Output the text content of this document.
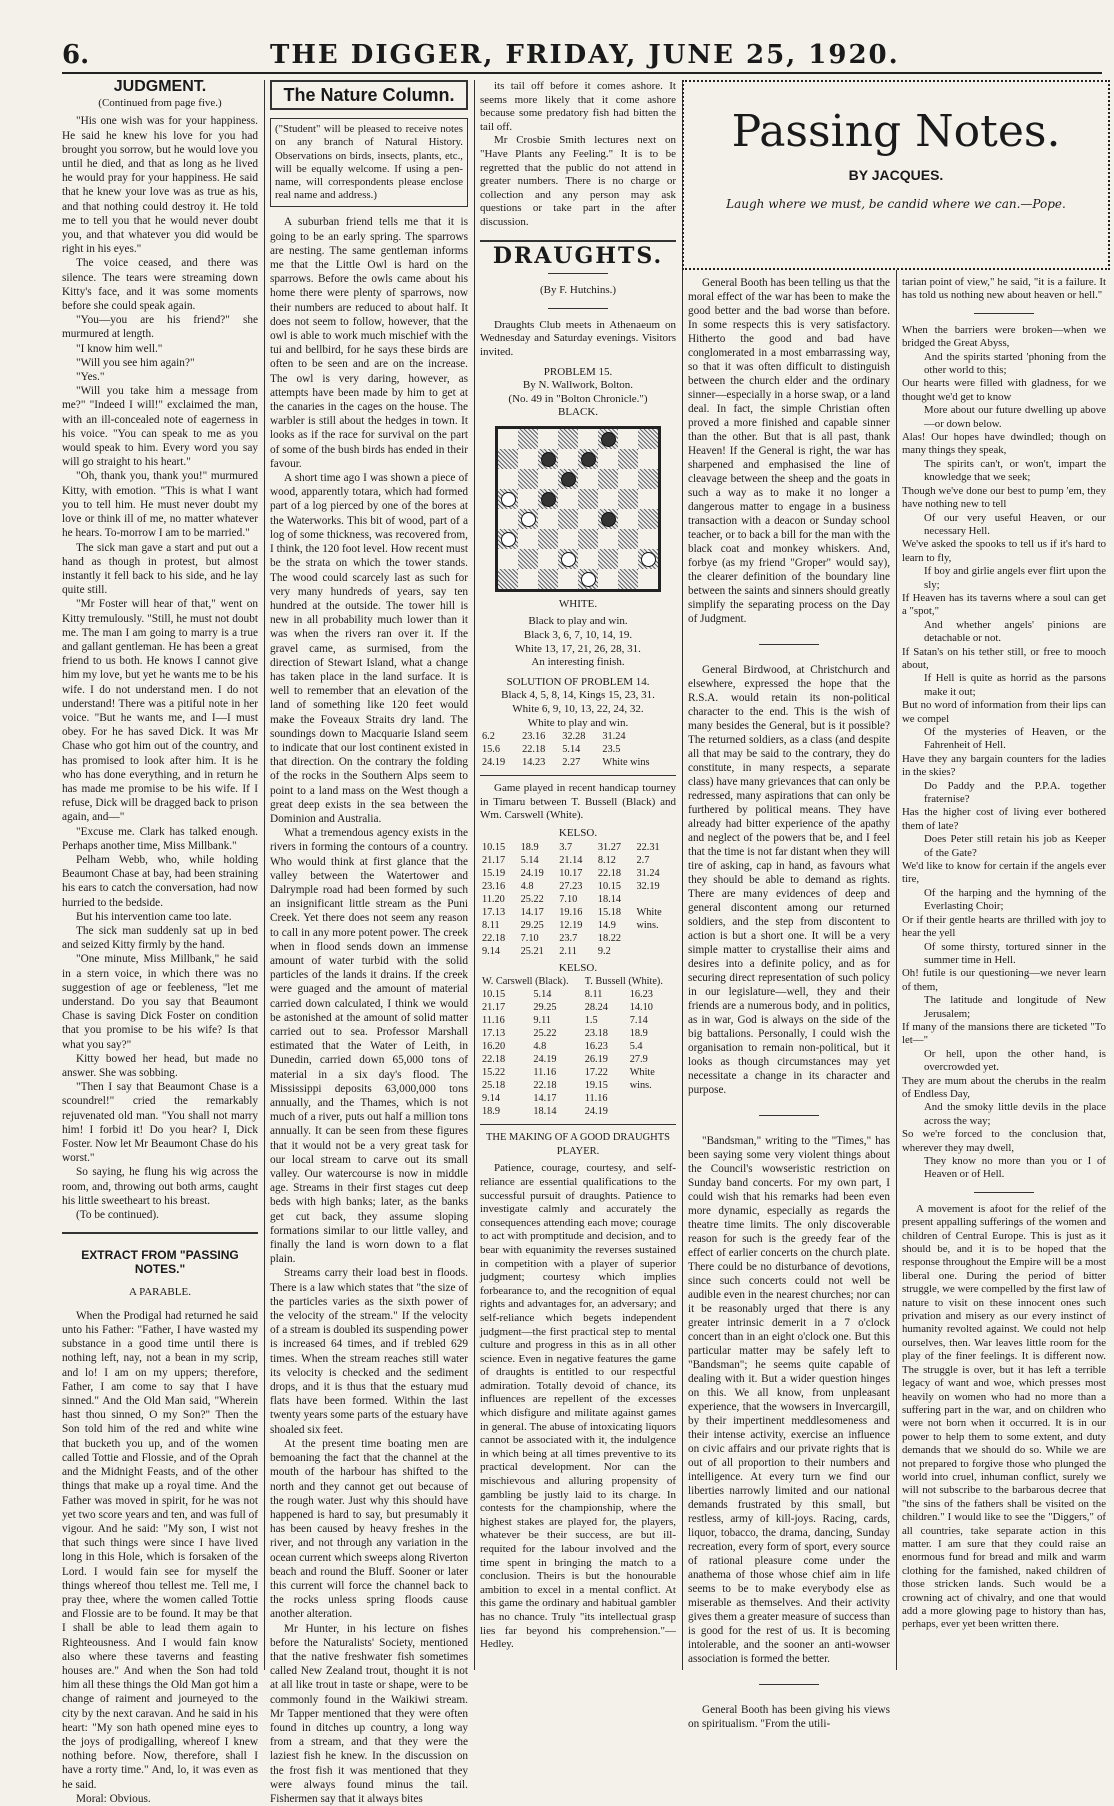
6.	THE DIGGER, FRIDAY, JUNE 25, 1920.
JUDGMENT.
(Continued from page five.)

"His one wish was for your happiness. He said he knew his love for you had brought you sorrow, but he would love you until he died, and that as long as he lived he would pray for your happiness. He said that he knew your love was as true as his, and that nothing could destroy it. He told me to tell you that he would never doubt you, and that whatever you did would be right in his eyes."

The voice ceased, and there was silence. The tears were streaming down Kitty's face, and it was some moments before she could speak again.

"You—you are his friend?" she murmured at length.

"I know him well."

"Will you see him again?"

"Yes."

"Will you take him a message from me?" "Indeed I will!" exclaimed the man, with an ill-concealed note of eagerness in his voice. "You can speak to me as you would speak to him. Every word you say will go straight to his heart."

"Oh, thank you, thank you!" murmured Kitty, with emotion. "This is what I want you to tell him. He must never doubt my love or think ill of me, no matter whatever he hears. To-morrow I am to be married."

The sick man gave a start and put out a hand as though in protest, but almost instantly it fell back to his side, and he lay quite still.

"Mr Foster will hear of that," went on Kitty tremulously. "Still, he must not doubt me. The man I am going to marry is a true and gallant gentleman. He has been a great friend to us both. He knows I cannot give him my love, but yet he wants me to be his wife. I do not understand men. I do not understand! There was a pitiful note in her voice. "But he wants me, and I—I must obey. For he has saved Dick. It was Mr Chase who got him out of the country, and has promised to look after him. It is he who has done everything, and in return he has made me promise to be his wife. If I refuse, Dick will be dragged back to prison again, and—"

"Excuse me. Clark has talked enough. Perhaps another time, Miss Millbank."

Pelham Webb, who, while holding Beaumont Chase at bay, had been straining his ears to catch the conversation, had now hurried to the bedside.

But his intervention came too late.

The sick man suddenly sat up in bed and seized Kitty firmly by the hand.

"One minute, Miss Millbank," he said in a stern voice, in which there was no suggestion of age or feebleness, "let me understand. Do you say that Beaumont Chase is saving Dick Foster on condition that you promise to be his wife? Is that what you say?"

Kitty bowed her head, but made no answer. She was sobbing.

"Then I say that Beaumont Chase is a scoundrel!" cried the remarkably rejuvenated old man. "You shall not marry him! I forbid it! Do you hear? I, Dick Foster. Now let Mr Beaumont Chase do his worst."

So saying, he flung his wig across the room, and, throwing out both arms, caught his little sweetheart to his breast.

(To be continued).

EXTRACT FROM "PASSING NOTES."
A PARABLE.

When the Prodigal had returned he said unto his Father: "Father, I have wasted my substance in a good time until there is nothing left, nay, not a bean in my scrip, and lo! I am on my uppers; therefore, Father, I am come to say that I have sinned." And the Old Man said, "Wherein hast thou sinned, O my Son?" Then the Son told him of the red and white wine that bucketh you up, and of the women called Tottie and Flossie, and of the Oprah and the Midnight Feasts, and of the other things that make up a royal time. And the Father was moved in spirit, for he was not yet two score years and ten, and was full of vigour. And he said: "My son, I wist not that such things were since I have lived long in this Hole, which is forsaken of the Lord. I would fain see for myself the things whereof thou tellest me. Tell me, I pray thee, where the women called Tottie and Flossie are to be found. It may be that I shall be able to lead them again to Righteousness. And I would fain know also where these taverns and feasting houses are." And when the Son had told him all these things the Old Man got him a change of raiment and journeyed to the city by the next caravan. And he said in his heart: "My son hath opened mine eyes to the joys of prodigalling, whereof I knew nothing before. Now, therefore, shall I have a rorty time." And, lo, it was even as he said.

Moral: Obvious.

The Nature Column.
("Student" will be pleased to receive notes on any branch of Natural History. Observations on birds, insects, plants, etc., will be equally welcome. If using a pen-name, will correspondents please enclose real name and address.)

A suburban friend tells me that it is going to be an early spring. The sparrows are nesting. The same gentleman informs me that the Little Owl is hard on the sparrows. Before the owls came about his home there were plenty of sparrows, now their numbers are reduced to about half. It does not seem to follow, however, that the owl is able to work much mischief with the tui and bellbird, for he says these birds are often to be seen and are on the increase. The owl is very daring, however, as attempts have been made by him to get at the canaries in the cages on the house. The warbler is still about the hedges in town. It looks as if the race for survival on the part of some of the bush birds has ended in their favour.

A short time ago I was shown a piece of wood, apparently totara, which had formed part of a log pierced by one of the bores at the Waterworks. This bit of wood, part of a log of some thickness, was recovered from, I think, the 120 foot level. How recent must be the strata on which the tower stands. The wood could scarcely last as such for very many hundreds of years, say ten hundred at the outside. The tower hill is new in all probability much lower than it was when the rivers ran over it. If the gravel came, as surmised, from the direction of Stewart Island, what a change has taken place in the land surface. It is well to remember that an elevation of the land of something like 120 feet would make the Foveaux Straits dry land. The soundings down to Macquarie Island seem to indicate that our lost continent existed in that direction. On the contrary the folding of the rocks in the Southern Alps seem to point to a land mass on the West though a great deep exists in the sea between the Dominion and Australia.

What a tremendous agency exists in the rivers in forming the contours of a country. Who would think at first glance that the valley between the Watertower and Dalrymple road had been formed by such an insignificant little stream as the Puni Creek. Yet there does not seem any reason to call in any more potent power. The creek when in flood sends down an immense amount of water turbid with the solid particles of the lands it drains. If the creek were guaged and the amount of material carried down calculated, I think we would be astonished at the amount of solid matter carried out to sea. Professor Marshall estimated that the Water of Leith, in Dunedin, carried down 65,000 tons of material in a six day's flood. The Mississippi deposits 63,000,000 tons annually, and the Thames, which is not much of a river, puts out half a million tons annually. It can be seen from these figures that it would not be a very great task for our local stream to carve out its small valley. Our watercourse is now in middle age. Streams in their first stages cut deep beds with high banks; later, as the banks get cut back, they assume sloping formations similar to our little valley, and finally the land is worn down to a flat plain.

Streams carry their load best in floods. There is a law which states that "the size of the particles varies as the sixth power of the velocity of the stream." If the velocity of a stream is doubled its suspending power is increased 64 times, and if trebled 629 times. When the stream reaches still water its velocity is checked and the sediment drops, and it is thus that the estuary mud flats have been formed. Within the last twenty years some parts of the estuary have shoaled six feet.

At the present time boating men are bemoaning the fact that the channel at the mouth of the harbour has shifted to the north and they cannot get out because of the rough water. Just why this should have happened is hard to say, but presumably it has been caused by heavy freshes in the river, and not through any variation in the ocean current which sweeps along Riverton beach and round the Bluff. Sooner or later this current will force the channel back to the rocks unless spring floods cause another alteration.

Mr Hunter, in his lecture on fishes before the Naturalists' Society, mentioned that the native freshwater fish sometimes called New Zealand trout, thought it is not at all like trout in taste or shape, were to be commonly found in the Waikiwi stream. Mr Tapper mentioned that they were often found in ditches up country, a long way from a stream, and that they were the laziest fish he knew. In the discussion on the frost fish it was mentioned that they were always found minus the tail. Fishermen say that it always bites

its tail off before it comes ashore. It seems more likely that it come ashore because some predatory fish had bitten the tail off.

Mr Crosbie Smith lectures next on "Have Plants any Feeling." It is to be regretted that the public do not attend in greater numbers. There is no charge or collection and any person may ask questions or take part in the after discussion.

DRAUGHTS.
(By F. Hutchins.)

Draughts Club meets in Athenaeum on Wednesday and Saturday evenings. Visitors invited.

PROBLEM 15.
By N. Wallwork, Bolton.
(No. 49 in "Bolton Chronicle.")
BLACK.
WHITE.
Black to play and win.
Black 3, 6, 7, 10, 14, 19.
White 13, 17, 21, 26, 28, 31.
An interesting finish.
SOLUTION OF PROBLEM 14.
Black 4, 5, 8, 14, Kings 15, 23, 31.
White 6, 9, 10, 13, 22, 24, 32.
White to play and win.
6.2	23.16	32.28	31.24
15.6	22.18	5.14	23.5
24.19	14.23	2.27	White wins

Game played in recent handicap tourney in Timaru between T. Bussell (Black) and Wm. Carswell (White).

KELSO.
10.15	18.9	3.7	31.27	22.31
21.17	5.14	21.14	8.12	2.7
15.19	24.19	10.17	22.18	31.24
23.16	4.8	27.23	10.15	32.19
11.20	25.22	7.10	18.14	
17.13	14.17	19.16	15.18	White
8.11	29.25	12.19	14.9	wins.
22.18	7.10	23.7	18.22	
9.14	25.21	2.11	9.2	
KELSO.
W. Carswell (Black).		T. Bussell (White).	
10.15	5.14	8.11	16.23
21.17	29.25	28.24	14.10
11.16	9.11	1.5	7.14
17.13	25.22	23.18	18.9
16.20	4.8	16.23	5.4
22.18	24.19	26.19	27.9
15.22	11.16	17.22	White
25.18	22.18	19.15	wins.
9.14	14.17	11.16	
18.9	18.14	24.19	
THE MAKING OF A GOOD DRAUGHTS PLAYER.

Patience, courage, courtesy, and self-reliance are essential qualifications to the successful pursuit of draughts. Patience to investigate calmly and accurately the consequences attending each move; courage to act with promptitude and decision, and to bear with equanimity the reverses sustained in competition with a player of superior judgment; courtesy which implies forbearance to, and the recognition of equal rights and advantages for, an adversary; and self-reliance which begets independent judgment—the first practical step to mental culture and progress in this as in all other science. Even in negative features the game of draughts is entitled to our respectful admiration. Totally devoid of chance, its influences are repellent of the excesses which disfigure and militate against games in general. The abuse of intoxicating liquors cannot be associated with it, the indulgence in which being at all times preventive to its practical development. Nor can the mischievous and alluring propensity of gambling be justly laid to its charge. In contests for the championship, where the highest stakes are played for, the players, whatever be their success, are but ill-requited for the labour involved and the time spent in bringing the match to a conclusion. Theirs is but the honourable ambition to excel in a mental conflict. At this game the ordinary and habitual gambler has no chance. Truly "its intellectual grasp lies far beyond his comprehension."—Hedley.

Passing Notes.
BY JACQUES.
Laugh where we must, be candid where we can.—Pope.

General Booth has been telling us that the moral effect of the war has been to make the good better and the bad worse than before. In some respects this is very satisfactory. Hitherto the good and bad have conglomerated in a most embarrassing way, so that it was often difficult to distinguish between the church elder and the ordinary sinner—especially in a horse swap, or a land deal. In fact, the simple Christian often proved a more finished and capable sinner than the other. But that is all past, thank Heaven! If the General is right, the war has sharpened and emphasised the line of cleavage between the sheep and the goats in such a way as to make it no longer a dangerous matter to engage in a business transaction with a deacon or Sunday school teacher, or to back a bill for the man with the black coat and monkey whiskers. And, forbye (as my friend "Groper" would say), the clearer definition of the boundary line between the saints and sinners should greatly simplify the separating process on the Day of Judgment.

General Birdwood, at Christchurch and elsewhere, expressed the hope that the R.S.A. would retain its non-political character to the end. This is the wish of many besides the General, but is it possible? The returned soldiers, as a class (and despite all that may be said to the contrary, they do constitute, in many respects, a separate class) have many grievances that can only be redressed, many aspirations that can only be furthered by political means. They have already had bitter experience of the apathy and neglect of the powers that be, and I feel that the time is not far distant when they will tire of asking, cap in hand, as favours what they should be able to demand as rights. There are many evidences of deep and general discontent among our returned soldiers, and the step from discontent to action is but a short one. It will be a very simple matter to crystallise their aims and desires into a definite policy, and as for securing direct representation of such policy in our legislature—well, they and their friends are a numerous body, and in politics, as in war, God is always on the side of the big battalions. Personally, I could wish the organisation to remain non-political, but it looks as though circumstances may yet necessitate a change in its character and purpose.

"Bandsman," writing to the "Times," has been saying some very violent things about the Council's wowseristic restriction on Sunday band concerts. For my own part, I could wish that his remarks had been even more dynamic, especially as regards the theatre time limits. The only discoverable reason for such is the greedy fear of the effect of earlier concerts on the church plate. There could be no disturbance of devotions, since such concerts could not well be audible even in the nearest churches; nor can it be reasonably urged that there is any greater intrinsic demerit in a 7 o'clock concert than in an eight o'clock one. But this particular matter may be safely left to "Bandsman"; he seems quite capable of dealing with it. But a wider question hinges on this. We all know, from unpleasant experience, that the wowsers in Invercargill, by their impertinent meddlesomeness and their intense activity, exercise an influence on civic affairs and our private rights that is out of all proportion to their numbers and intelligence. At every turn we find our liberties narrowly limited and our national demands frustrated by this small, but restless, army of kill-joys. Racing, cards, liquor, tobacco, the drama, dancing, Sunday recreation, every form of sport, every source of rational pleasure come under the anathema of those whose chief aim in life seems to be to make everybody else as miserable as themselves. And their activity gives them a greater measure of success than is good for the rest of us. It is becoming intolerable, and the sooner an anti-wowser association is formed the better.

General Booth has been giving his views on spiritualism. "From the utili-

tarian point of view," he said, "it is a failure. It has told us nothing new about heaven or hell."

When the barriers were broken—when we bridged the Great Abyss,

And the spirits started 'phoning from the other world to this;

Our hearts were filled with gladness, for we thought we'd get to know

More about our future dwelling up above—or down below.

Alas! Our hopes have dwindled; though on many things they speak,

The spirits can't, or won't, impart the knowledge that we seek;

Though we've done our best to pump 'em, they have nothing new to tell

Of our very useful Heaven, or our necessary Hell.

We've asked the spooks to tell us if it's hard to learn to fly,

If boy and girlie angels ever flirt upon the sly;

If Heaven has its taverns where a soul can get a "spot,"

And whether angels' pinions are detachable or not.

If Satan's on his tether still, or free to mooch about,

If Hell is quite as horrid as the parsons make it out;

But no word of information from their lips can we compel

Of the mysteries of Heaven, or the Fahrenheit of Hell.

Have they any bargain counters for the ladies in the skies?

Do Paddy and the P.P.A. together fraternise?

Has the higher cost of living ever bothered them of late?

Does Peter still retain his job as Keeper of the Gate?

We'd like to know for certain if the angels ever tire,

Of the harping and the hymning of the Everlasting Choir;

Or if their gentle hearts are thrilled with joy to hear the yell

Of some thirsty, tortured sinner in the summer time in Hell.

Oh! futile is our questioning—we never learn of them,

The latitude and longitude of New Jerusalem;

If many of the mansions there are ticketed "To let—"

Or hell, upon the other hand, is overcrowded yet.

They are mum about the cherubs in the realm of Endless Day,

And the smoky little devils in the place across the way;

So we're forced to the conclusion that, wherever they may dwell,

They know no more than you or I of Heaven or of Hell.

A movement is afoot for the relief of the present appalling sufferings of the women and children of Central Europe. This is just as it should be, and it is to be hoped that the response throughout the Empire will be a most liberal one. During the period of bitter struggle, we were compelled by the first law of nature to visit on these innocent ones such privation and misery as our every instinct of humanity revolted against. We could not help ourselves, then. War leaves little room for the play of the finer feelings. It is different now. The struggle is over, but it has left a terrible legacy of want and woe, which presses most heavily on women who had no more than a suffering part in the war, and on children who were not born when it occurred. It is in our power to help them to some extent, and duty demands that we should do so. While we are not prepared to forgive those who plunged the world into cruel, inhuman conflict, surely we will not subscribe to the barbarous decree that "the sins of the fathers shall be visited on the children." I would like to see the "Diggers," of all countries, take separate action in this matter. I am sure that they could raise an enormous fund for bread and milk and warm clothing for the famished, naked children of those stricken lands. Such would be a crowning act of chivalry, and one that would add a more glowing page to history than has, perhaps, ever yet been written there.
